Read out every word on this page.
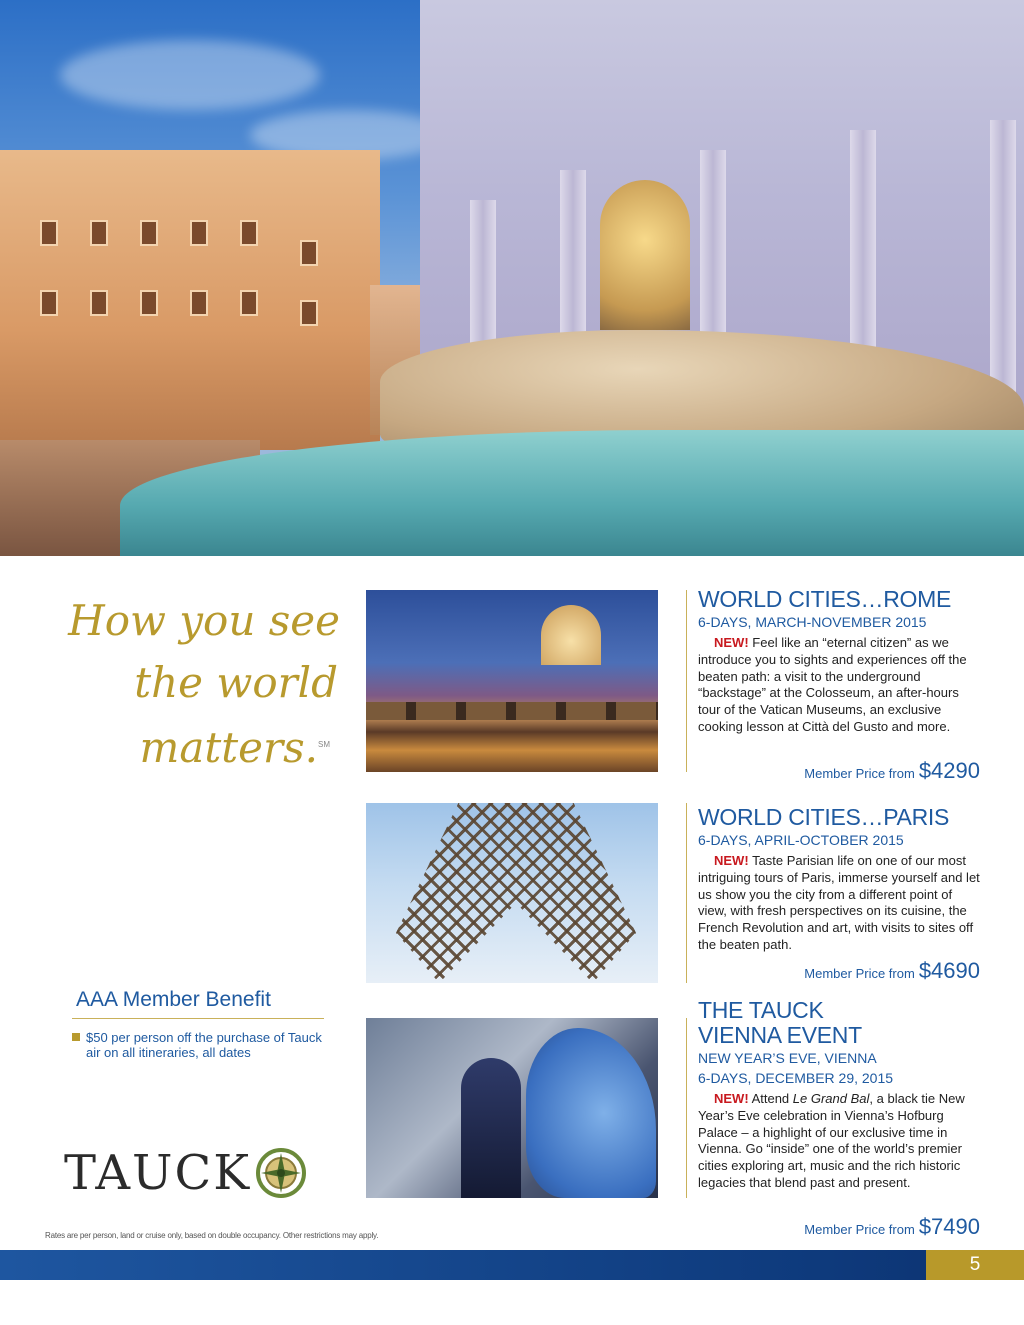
How you see
the world
matters.℠
WORLD CITIES…ROME
6-DAYS, MARCH-NOVEMBER 2015
NEW! Feel like an “eternal citizen” as we introduce you to sights and experiences off the beaten path: a visit to the underground “backstage” at the Colosseum, an after-hours tour of the Vatican Museums, an exclusive cooking lesson at Città del Gusto and more.
Member Price from $4290
WORLD CITIES…PARIS
6-DAYS, APRIL-OCTOBER 2015
NEW! Taste Parisian life on one of our most intriguing tours of Paris, immerse yourself and let us show you the city from a different point of view, with fresh perspectives on its cuisine, the French Revolution and art, with visits to sites off the beaten path.
Member Price from $4690
THE TAUCK
VIENNA EVENT
NEW YEAR’S EVE, VIENNA
6-DAYS, DECEMBER 29, 2015
NEW! Attend Le Grand Bal, a black tie New Year’s Eve celebration in Vienna’s Hofburg Palace – a highlight of our exclusive time in Vienna. Go “inside” one of the world’s premier cities exploring art, music and the rich historic legacies that blend past and present.
Member Price from $7490
AAA Member Benefit
$50 per person off the purchase of Tauck air on all itineraries, all dates
TAUCK
Rates are per person, land or cruise only, based on double occupancy. Other restrictions may apply.
5
